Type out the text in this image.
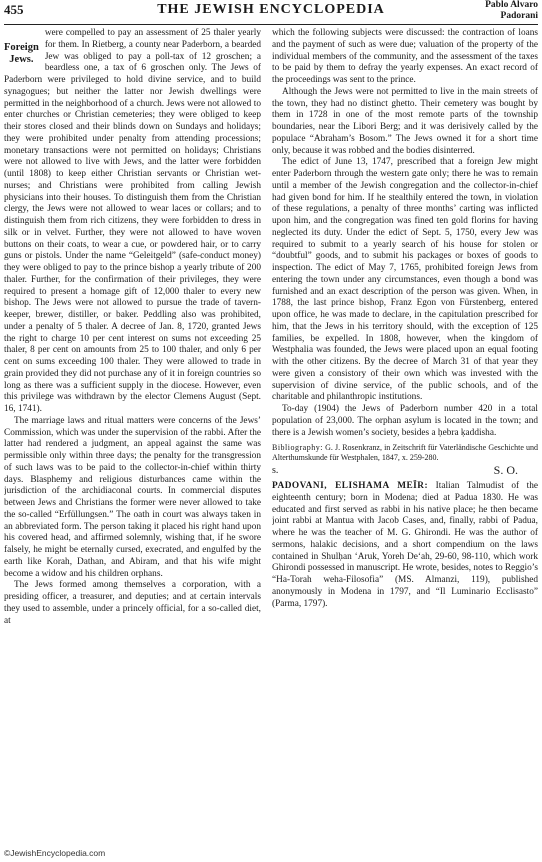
455	THE JEWISH ENCYCLOPEDIA	Pablo Alvaro
Padorani

Foreign
Jews.
were compelled to pay an assessment of 25 thaler yearly for them. In Rietberg, a county near Paderborn, a bearded Jew was obliged to pay a poll-tax of 12 groschen; a beardless one, a tax of 6 groschen only. The Jews of Paderborn were privileged to hold divine service, and to build synagogues; but neither the latter nor Jewish dwellings were permitted in the neighborhood of a church. Jews were not allowed to enter churches or Christian cemeteries; they were obliged to keep their stores closed and their blinds down on Sundays and holidays; they were prohibited under penalty from attending processions; monetary transactions were not permitted on holidays; Christians were not allowed to live with Jews, and the latter were forbidden (until 1808) to keep either Christian servants or Christian wet-nurses; and Christians were prohibited from calling Jewish physicians into their houses. To distinguish them from the Christian clergy, the Jews were not allowed to wear laces or collars; and to distinguish them from rich citizens, they were forbidden to dress in silk or in velvet. Further, they were not allowed to have woven buttons on their coats, to wear a cue, or powdered hair, or to carry guns or pistols. Under the name “Geleitgeld” (safe-conduct money) they were obliged to pay to the prince bishop a yearly tribute of 200 thaler. Further, for the confirmation of their privileges, they were required to present a homage gift of 12,000 thaler to every new bishop. The Jews were not allowed to pursue the trade of tavern-keeper, brewer, distiller, or baker. Peddling also was prohibited, under a penalty of 5 thaler. A decree of Jan. 8, 1720, granted Jews the right to charge 10 per cent interest on sums not exceeding 25 thaler, 8 per cent on amounts from 25 to 100 thaler, and only 6 per cent on sums exceeding 100 thaler. They were allowed to trade in grain provided they did not purchase any of it in foreign countries so long as there was a sufficient supply in the diocese. However, even this privilege was withdrawn by the elector Clemens August (Sept. 16, 1741).

The marriage laws and ritual matters were concerns of the Jews’ Commission, which was under the supervision of the rabbi. After the latter had rendered a judgment, an appeal against the same was permissible only within three days; the penalty for the transgression of such laws was to be paid to the collector-in-chief within thirty days. Blasphemy and religious disturbances came within the jurisdiction of the archidiaconal courts. In commercial disputes between Jews and Christians the former were never allowed to take the so-called “Erfüllungsen.” The oath in court was always taken in an abbreviated form. The person taking it placed his right hand upon his covered head, and affirmed solemnly, wishing that, if he swore falsely, he might be eternally cursed, execrated, and engulfed by the earth like Korah, Dathan, and Abiram, and that his wife might become a widow and his children orphans.

The Jews formed among themselves a corporation, with a presiding officer, a treasurer, and deputies; and at certain intervals they used to assemble, under a princely official, for a so-called diet, at

which the following subjects were discussed: the contraction of loans and the payment of such as were due; valuation of the property of the individual members of the community, and the assessment of the taxes to be paid by them to defray the yearly expenses. An exact record of the proceedings was sent to the prince.

Although the Jews were not permitted to live in the main streets of the town, they had no distinct ghetto. Their cemetery was bought by them in 1728 in one of the most remote parts of the township boundaries, near the Libori Berg; and it was derisively called by the populace “Abraham’s Bosom.” The Jews owned it for a short time only, because it was robbed and the bodies disinterred.

The edict of June 13, 1747, prescribed that a foreign Jew might enter Paderborn through the western gate only; there he was to remain until a member of the Jewish congregation and the collector-in-chief had given bond for him. If he stealthily entered the town, in violation of these regulations, a penalty of three months’ carting was inflicted upon him, and the congregation was fined ten gold florins for having neglected its duty. Under the edict of Sept. 5, 1750, every Jew was required to submit to a yearly search of his house for stolen or “doubtful” goods, and to submit his packages or boxes of goods to inspection. The edict of May 7, 1765, prohibited foreign Jews from entering the town under any circumstances, even though a bond was furnished and an exact description of the person was given. When, in 1788, the last prince bishop, Franz Egon von Fürstenberg, entered upon office, he was made to declare, in the capitulation prescribed for him, that the Jews in his territory should, with the exception of 125 families, be expelled. In 1808, however, when the kingdom of Westphalia was founded, the Jews were placed upon an equal footing with the other citizens. By the decree of March 31 of that year they were given a consistory of their own which was invested with the supervision of divine service, of the public schools, and of the charitable and philanthropic institutions.

To-day (1904) the Jews of Paderborn number 420 in a total population of 23,000. The orphan asylum is located in the town; and there is a Jewish women’s society, besides a ḥebra ḳaddisha.

Bibliography: G. J. Rosenkranz, in Zeitschrift für Vaterländische Geschichte und Alterthumskunde für Westphalen, 1847, x. 259-280.
s.	S. O.

PADOVANI, ELISHAMA MEÏR: Italian Talmudist of the eighteenth century; born in Modena; died at Padua 1830. He was educated and first served as rabbi in his native place; he then became joint rabbi at Mantua with Jacob Cases, and, finally, rabbi of Padua, where he was the teacher of M. G. Ghirondi. He was the author of sermons, halakic decisions, and a short compendium on the laws contained in Shulḥan ‘Aruk, Yoreh De‘ah, 29-60, 98-110, which work Ghirondi possessed in manuscript. He wrote, besides, notes to Reggio’s “Ha-Torah weha-Filosofia” (MS. Almanzi, 119), published anonymously in Modena in 1797, and “Il Luminario Ecclisasto” (Parma, 1797).

©JewishEncyclopedia.com
